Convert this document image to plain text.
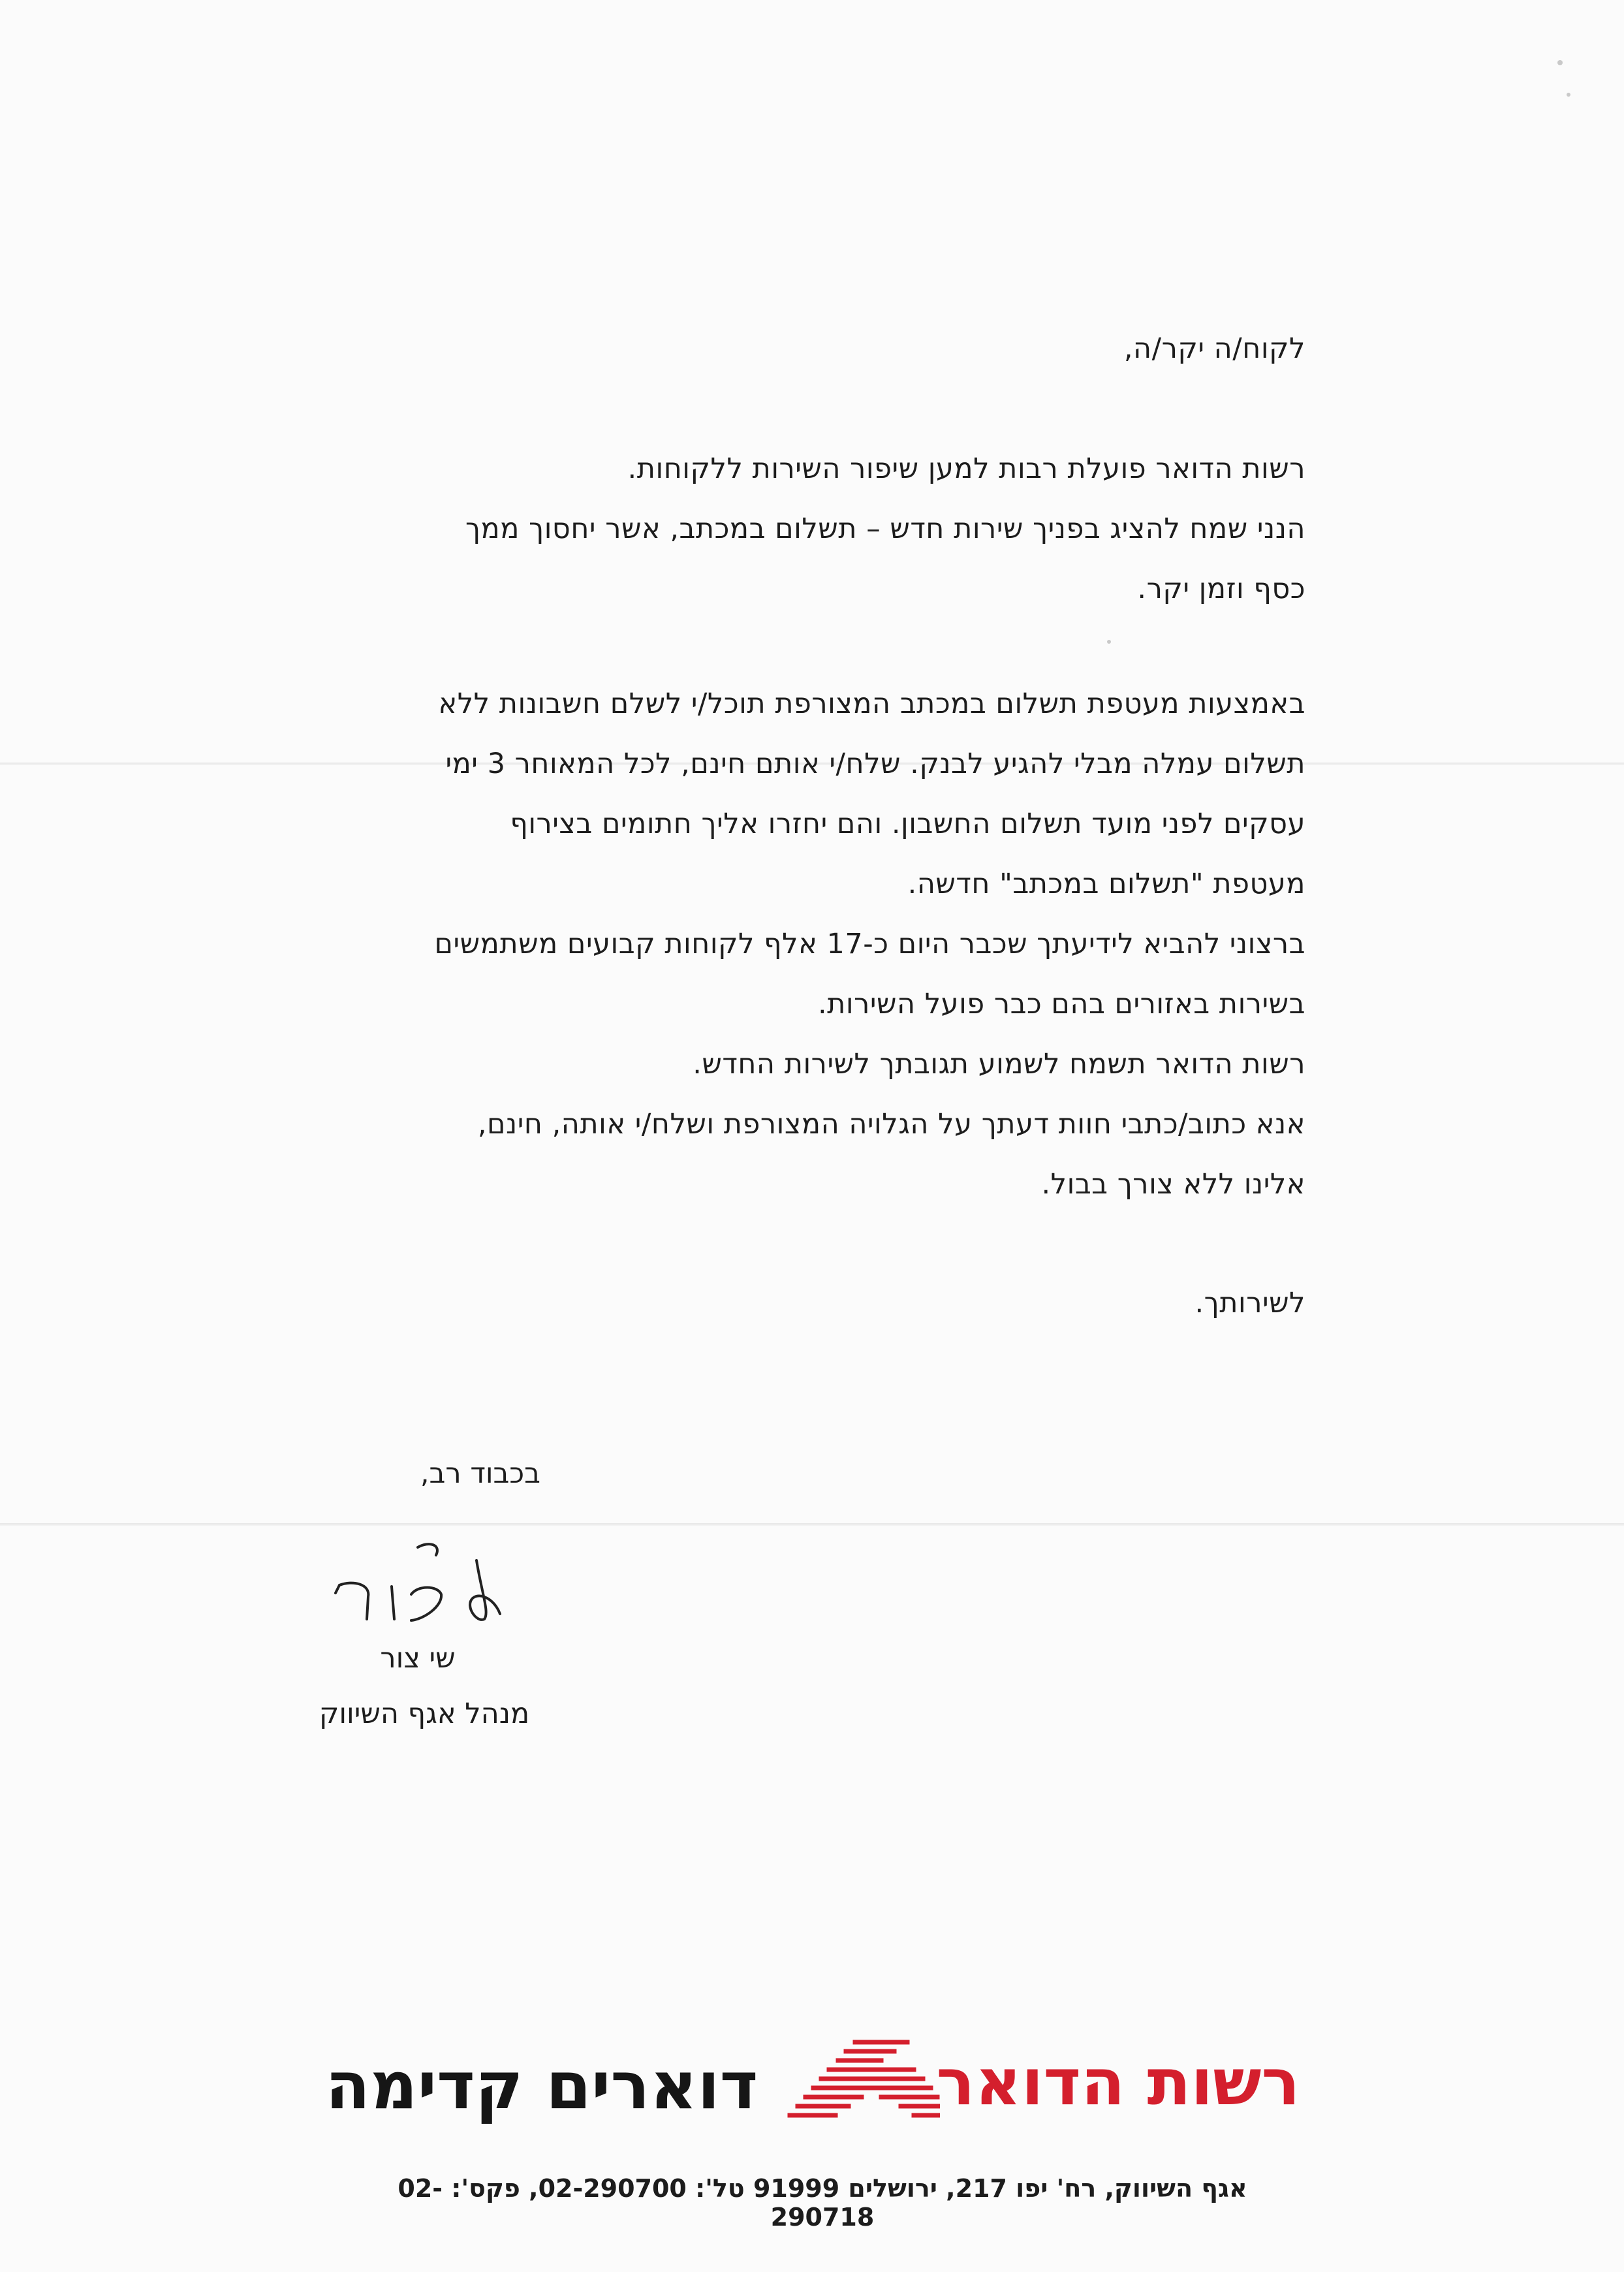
לקוח/ה יקר/ה,
רשות הדואר פועלת רבות למען שיפור השירות ללקוחות.
הנני שמח להציג בפניך שירות חדש – תשלום במכתב, אשר יחסוך ממך
כסף וזמן יקר.
באמצעות מעטפת תשלום במכתב המצורפת תוכל/י לשלם חשבונות ללא
תשלום עמלה מבלי להגיע לבנק. שלח/י אותם חינם, לכל המאוחר 3 ימי
עסקים לפני מועד תשלום החשבון. והם יחזרו אליך חתומים בצירוף
מעטפת "תשלום במכתב" חדשה.
ברצוני להביא לידיעתך שכבר היום כ-17 אלף לקוחות קבועים משתמשים
בשירות באזורים בהם כבר פועל השירות.
רשות הדואר תשמח לשמוע תגובתך לשירות החדש.
אנא כתוב/כתבי חוות דעתך על הגלויה המצורפת ושלח/י אותה, חינם,
אלינו ללא צורך בבול.
לשירותך.
בכבוד רב,
שי צור
מנהל אגף השיווק
רשות הדואר
דוארים קדימה
אגף השיווק, רח' יפו 217, ירושלים 91999 טל': 02-290700, פקס': 02-290718
